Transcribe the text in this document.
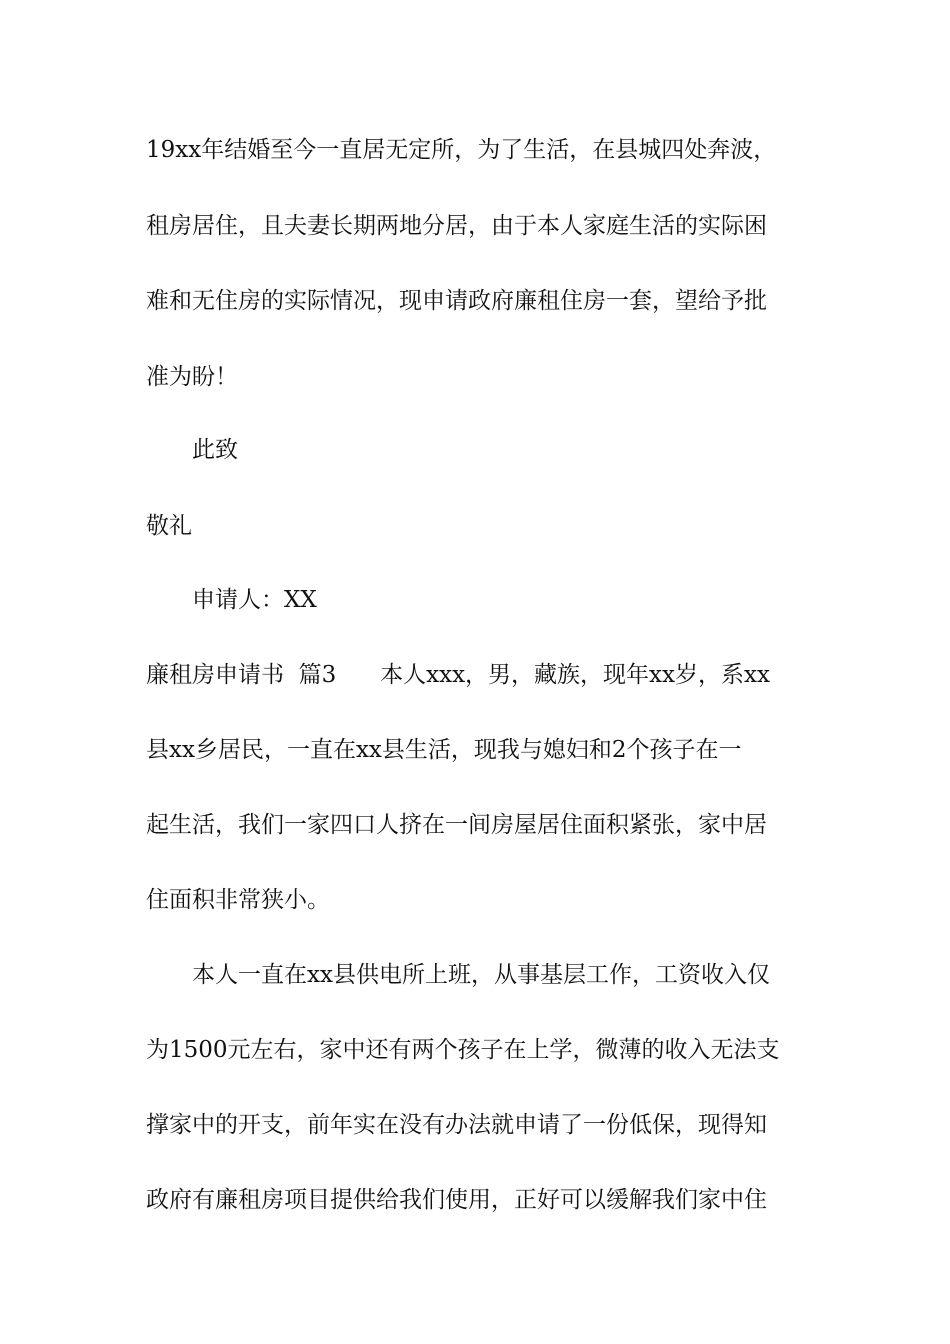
19xx年结婚至今一直居无定所，为了生活，在县城四处奔波，
租房居住，且夫妻长期两地分居，由于本人家庭生活的实际困
难和无住房的实际情况，现申请政府廉租住房一套，望给予批
准为盼！
此致
敬礼
申请人：XX
廉租房申请书  篇3      本人xxx，男，藏族，现年xx岁，系xx
县xx乡居民，一直在xx县生活，现我与媳妇和2个孩子在一
起生活，我们一家四口人挤在一间房屋居住面积紧张，家中居
住面积非常狭小。
本人一直在xx县供电所上班，从事基层工作，工资收入仅
为1500元左右，家中还有两个孩子在上学，微薄的收入无法支
撑家中的开支，前年实在没有办法就申请了一份低保，现得知
政府有廉租房项目提供给我们使用，正好可以缓解我们家中住
